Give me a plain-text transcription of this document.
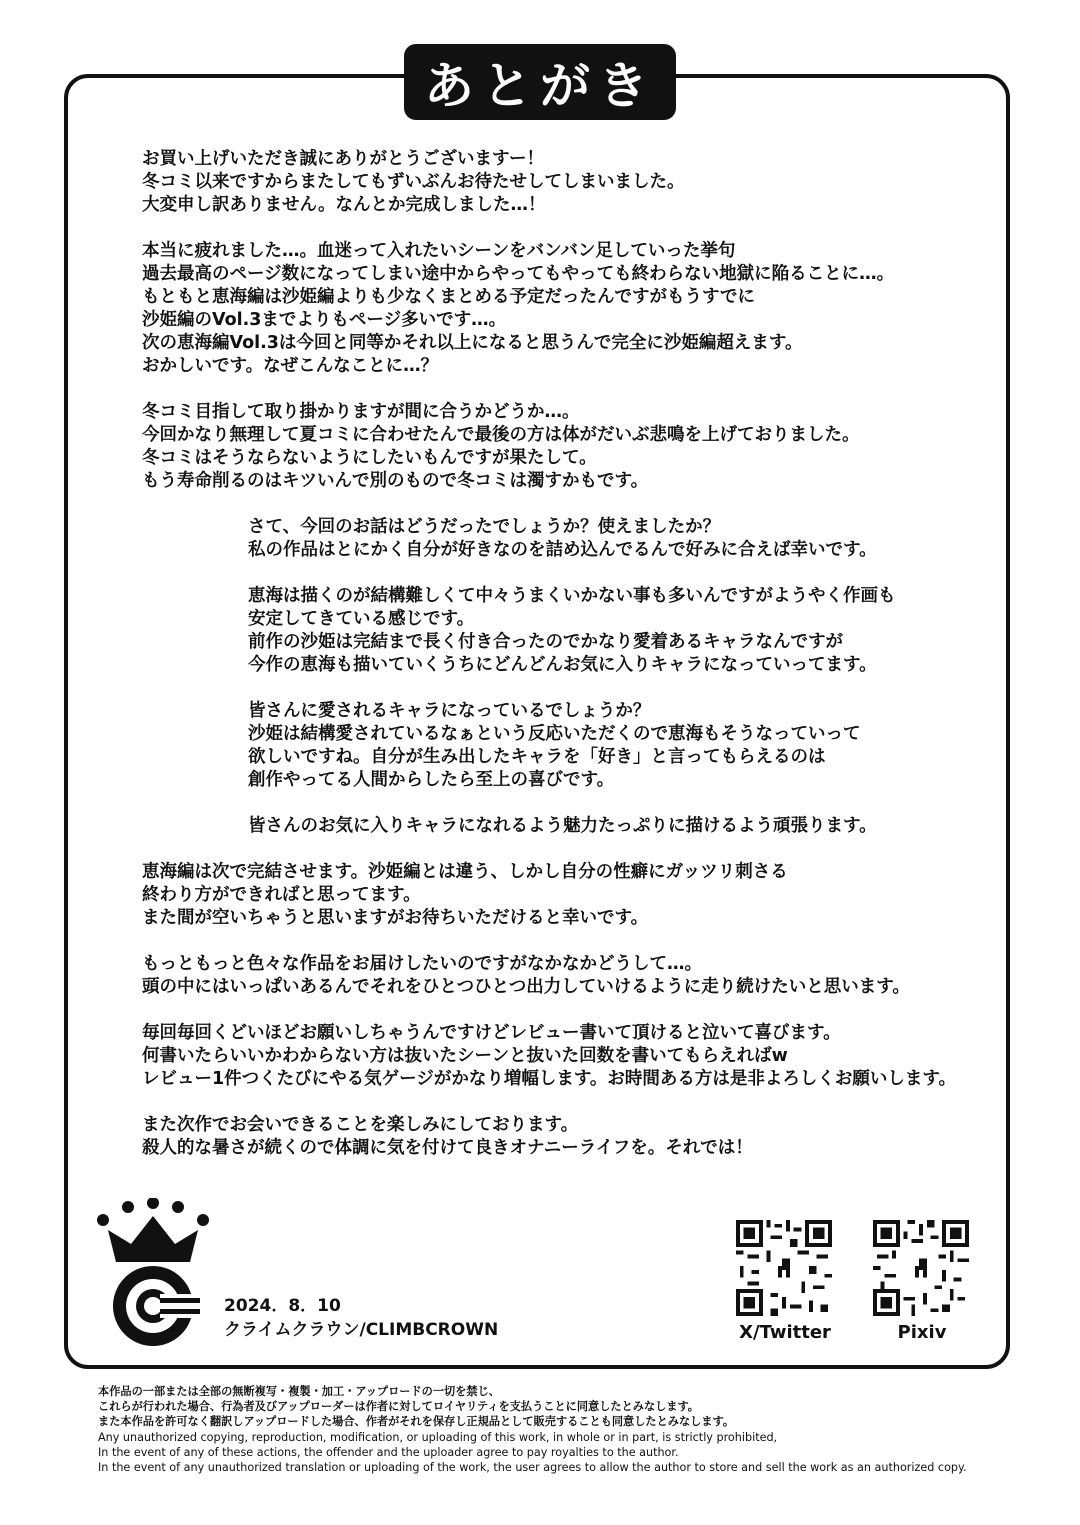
あとがき
お買い上げいただき誠にありがとうございますー！
冬コミ以来ですからまたしてもずいぶんお待たせしてしまいました。
大変申し訳ありません。なんとか完成しました…！
本当に疲れました…。血迷って入れたいシーンをバンバン足していった挙句
過去最高のページ数になってしまい途中からやってもやっても終わらない地獄に陥ることに…。
もともと恵海編は沙姫編よりも少なくまとめる予定だったんですがもうすでに
沙姫編のVol.3までよりもページ多いです…。
次の恵海編Vol.3は今回と同等かそれ以上になると思うんで完全に沙姫編超えます。
おかしいです。なぜこんなことに…？
冬コミ目指して取り掛かりますが間に合うかどうか…。
今回かなり無理して夏コミに合わせたんで最後の方は体がだいぶ悲鳴を上げておりました。
冬コミはそうならないようにしたいもんですが果たして。
もう寿命削るのはキツいんで別のもので冬コミは濁すかもです。
さて、今回のお話はどうだったでしょうか？使えましたか？
私の作品はとにかく自分が好きなのを詰め込んでるんで好みに合えば幸いです。
恵海は描くのが結構難しくて中々うまくいかない事も多いんですがようやく作画も
安定してきている感じです。
前作の沙姫は完結まで長く付き合ったのでかなり愛着あるキャラなんですが
今作の恵海も描いていくうちにどんどんお気に入りキャラになっていってます。
皆さんに愛されるキャラになっているでしょうか？
沙姫は結構愛されているなぁという反応いただくので恵海もそうなっていって
欲しいですね。自分が生み出したキャラを「好き」と言ってもらえるのは
創作やってる人間からしたら至上の喜びです。
皆さんのお気に入りキャラになれるよう魅力たっぷりに描けるよう頑張ります。
恵海編は次で完結させます。沙姫編とは違う、しかし自分の性癖にガッツリ刺さる
終わり方ができればと思ってます。
また間が空いちゃうと思いますがお待ちいただけると幸いです。
もっともっと色々な作品をお届けしたいのですがなかなかどうして…。
頭の中にはいっぱいあるんでそれをひとつひとつ出力していけるように走り続けたいと思います。
毎回毎回くどいほどお願いしちゃうんですけどレビュー書いて頂けると泣いて喜びます。
何書いたらいいかわからない方は抜いたシーンと抜いた回数を書いてもらえればw
レビュー1件つくたびにやる気ゲージがかなり増幅します。お時間ある方は是非よろしくお願いします。
また次作でお会いできることを楽しみにしております。
殺人的な暑さが続くので体調に気を付けて良きオナニーライフを。それでは！
2024．8．10
クライムクラウン/CLIMBCROWN	X/Twitter	Pixiv
本作品の一部または全部の無断複写・複製・加工・アップロードの一切を禁じ、
これらが行われた場合、行為者及びアップローダーは作者に対してロイヤリティを支払うことに同意したとみなします。
また本作品を許可なく翻訳しアップロードした場合、作者がそれを保存し正規品として販売することも同意したとみなします。
Any unauthorized copying, reproduction, modification, or uploading of this work, in whole or in part, is strictly prohibited,
In the event of any of these actions, the offender and the uploader agree to pay royalties to the author.
In the event of any unauthorized translation or uploading of the work, the user agrees to allow the author to store and sell the work as an authorized copy.
